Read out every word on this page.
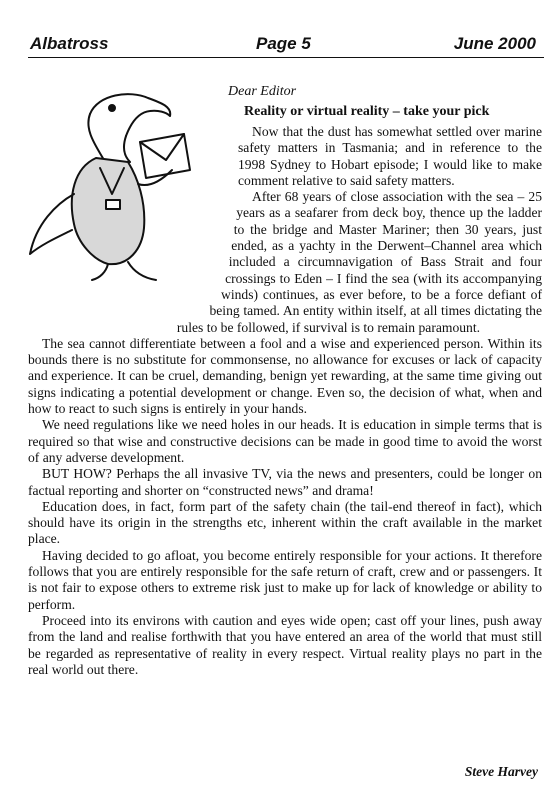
Albatross	Page 5	June 2000
Dear Editor
Reality or virtual reality – take your pick

Now that the dust has somewhat settled over marine safety matters in Tasmania; and in reference to the 1998 Sydney to Hobart episode; I would like to make comment relative to said safety matters.

After 68 years of close association with the sea – 25 years as a seafarer from deck boy, thence up the ladder to the bridge and Master Mariner; then 30 years, just ended, as a yachty in the Derwent–Channel area which included a circumnavigation of Bass Strait and four crossings to Eden – I find the sea (with its accompanying winds) continues, as ever before, to be a force defiant of being tamed. An entity within itself, at all times dictating the rules to be followed, if survival is to remain paramount.

The sea cannot differentiate between a fool and a wise and experienced person. Within its bounds there is no substitute for commonsense, no allowance for excuses or lack of capacity and experience. It can be cruel, demanding, benign yet rewarding, at the same time giving out signs indicating a potential development or change. Even so, the decision of what, when and how to react to such signs is entirely in your hands.

We need regulations like we need holes in our heads. It is education in simple terms that is required so that wise and constructive decisions can be made in good time to avoid the worst of any adverse development.

BUT HOW? Perhaps the all invasive TV, via the news and presenters, could be longer on factual reporting and shorter on “constructed news” and drama!

Education does, in fact, form part of the safety chain (the tail-end thereof in fact), which should have its origin in the strengths etc, inherent within the craft available in the market place.

Having decided to go afloat, you become entirely responsible for your actions. It therefore follows that you are entirely responsible for the safe return of craft, crew and or passengers. It is not fair to expose others to extreme risk just to make up for lack of knowledge or ability to perform.

Proceed into its environs with caution and eyes wide open; cast off your lines, push away from the land and realise forthwith that you have entered an area of the world that must still be regarded as representative of reality in every respect. Virtual reality plays no part in the real world out there.

Steve Harvey
